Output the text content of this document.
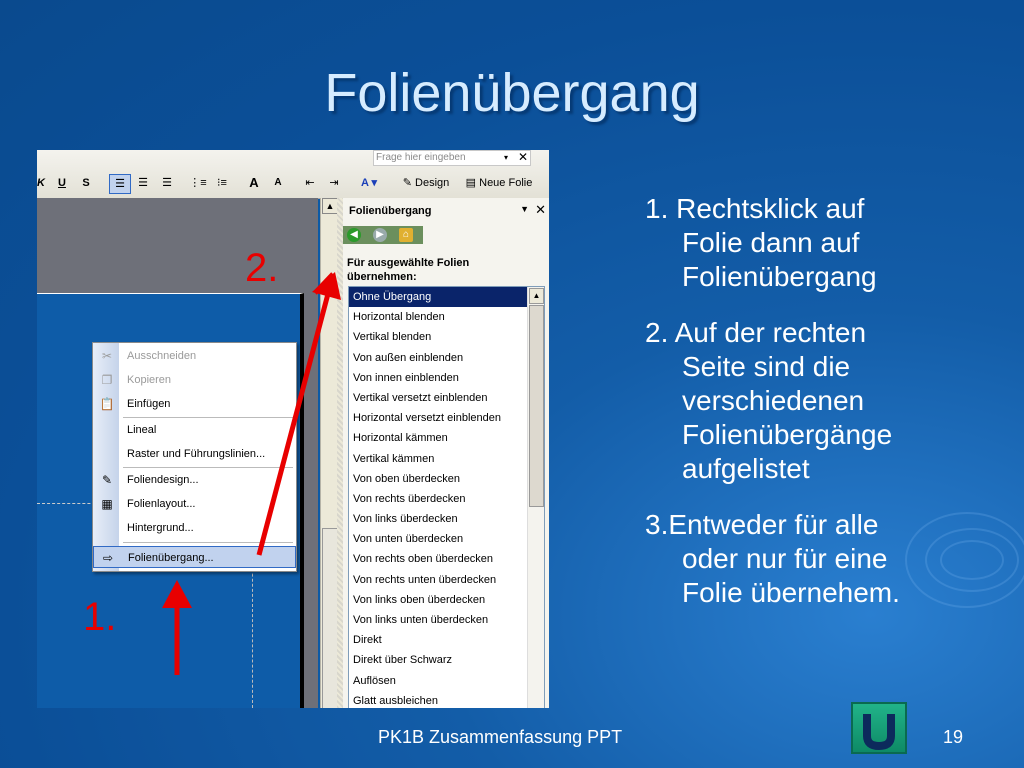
Folienübergang
Frage hier eingeben	▾ ✕
K U	S	☰	☰	☰	⋮≡ ⁝≡	A	A	⇤	⇥	A ▾	✎ Design	▤ Neue Folie
▲	Folienübergang	▼ ✕
◀	▶	⌂
Für ausgewählte Folien übernehmen:
Ohne Übergang
Horizontal blenden
Vertikal blenden
Von außen einblenden
Von innen einblenden
Vertikal versetzt einblenden
Horizontal versetzt einblenden
Horizontal kämmen
Vertikal kämmen
Von oben überdecken
Von rechts überdecken
Von links überdecken
Von unten überdecken
Von rechts oben überdecken
Von rechts unten überdecken
Von links oben überdecken
Von links unten überdecken
Direkt
Direkt über Schwarz
Auflösen
Glatt ausbleichen
▲
✂ Ausschneiden
❐ Kopieren
📋 Einfügen
Lineal
Raster und Führungslinien...
✎ Foliendesign...
▦ Folienlayout...
Hintergrund...
⇨ Folienübergang...
2.
1.
1. Rechtsklick auf
Folie dann auf
Folienübergang
2. Auf der rechten
Seite sind die
verschiedenen
Folienübergänge
aufgelistet
3.Entweder für alle
oder nur für eine
Folie übernehem.
PK1B Zusammenfassung PPT	19
